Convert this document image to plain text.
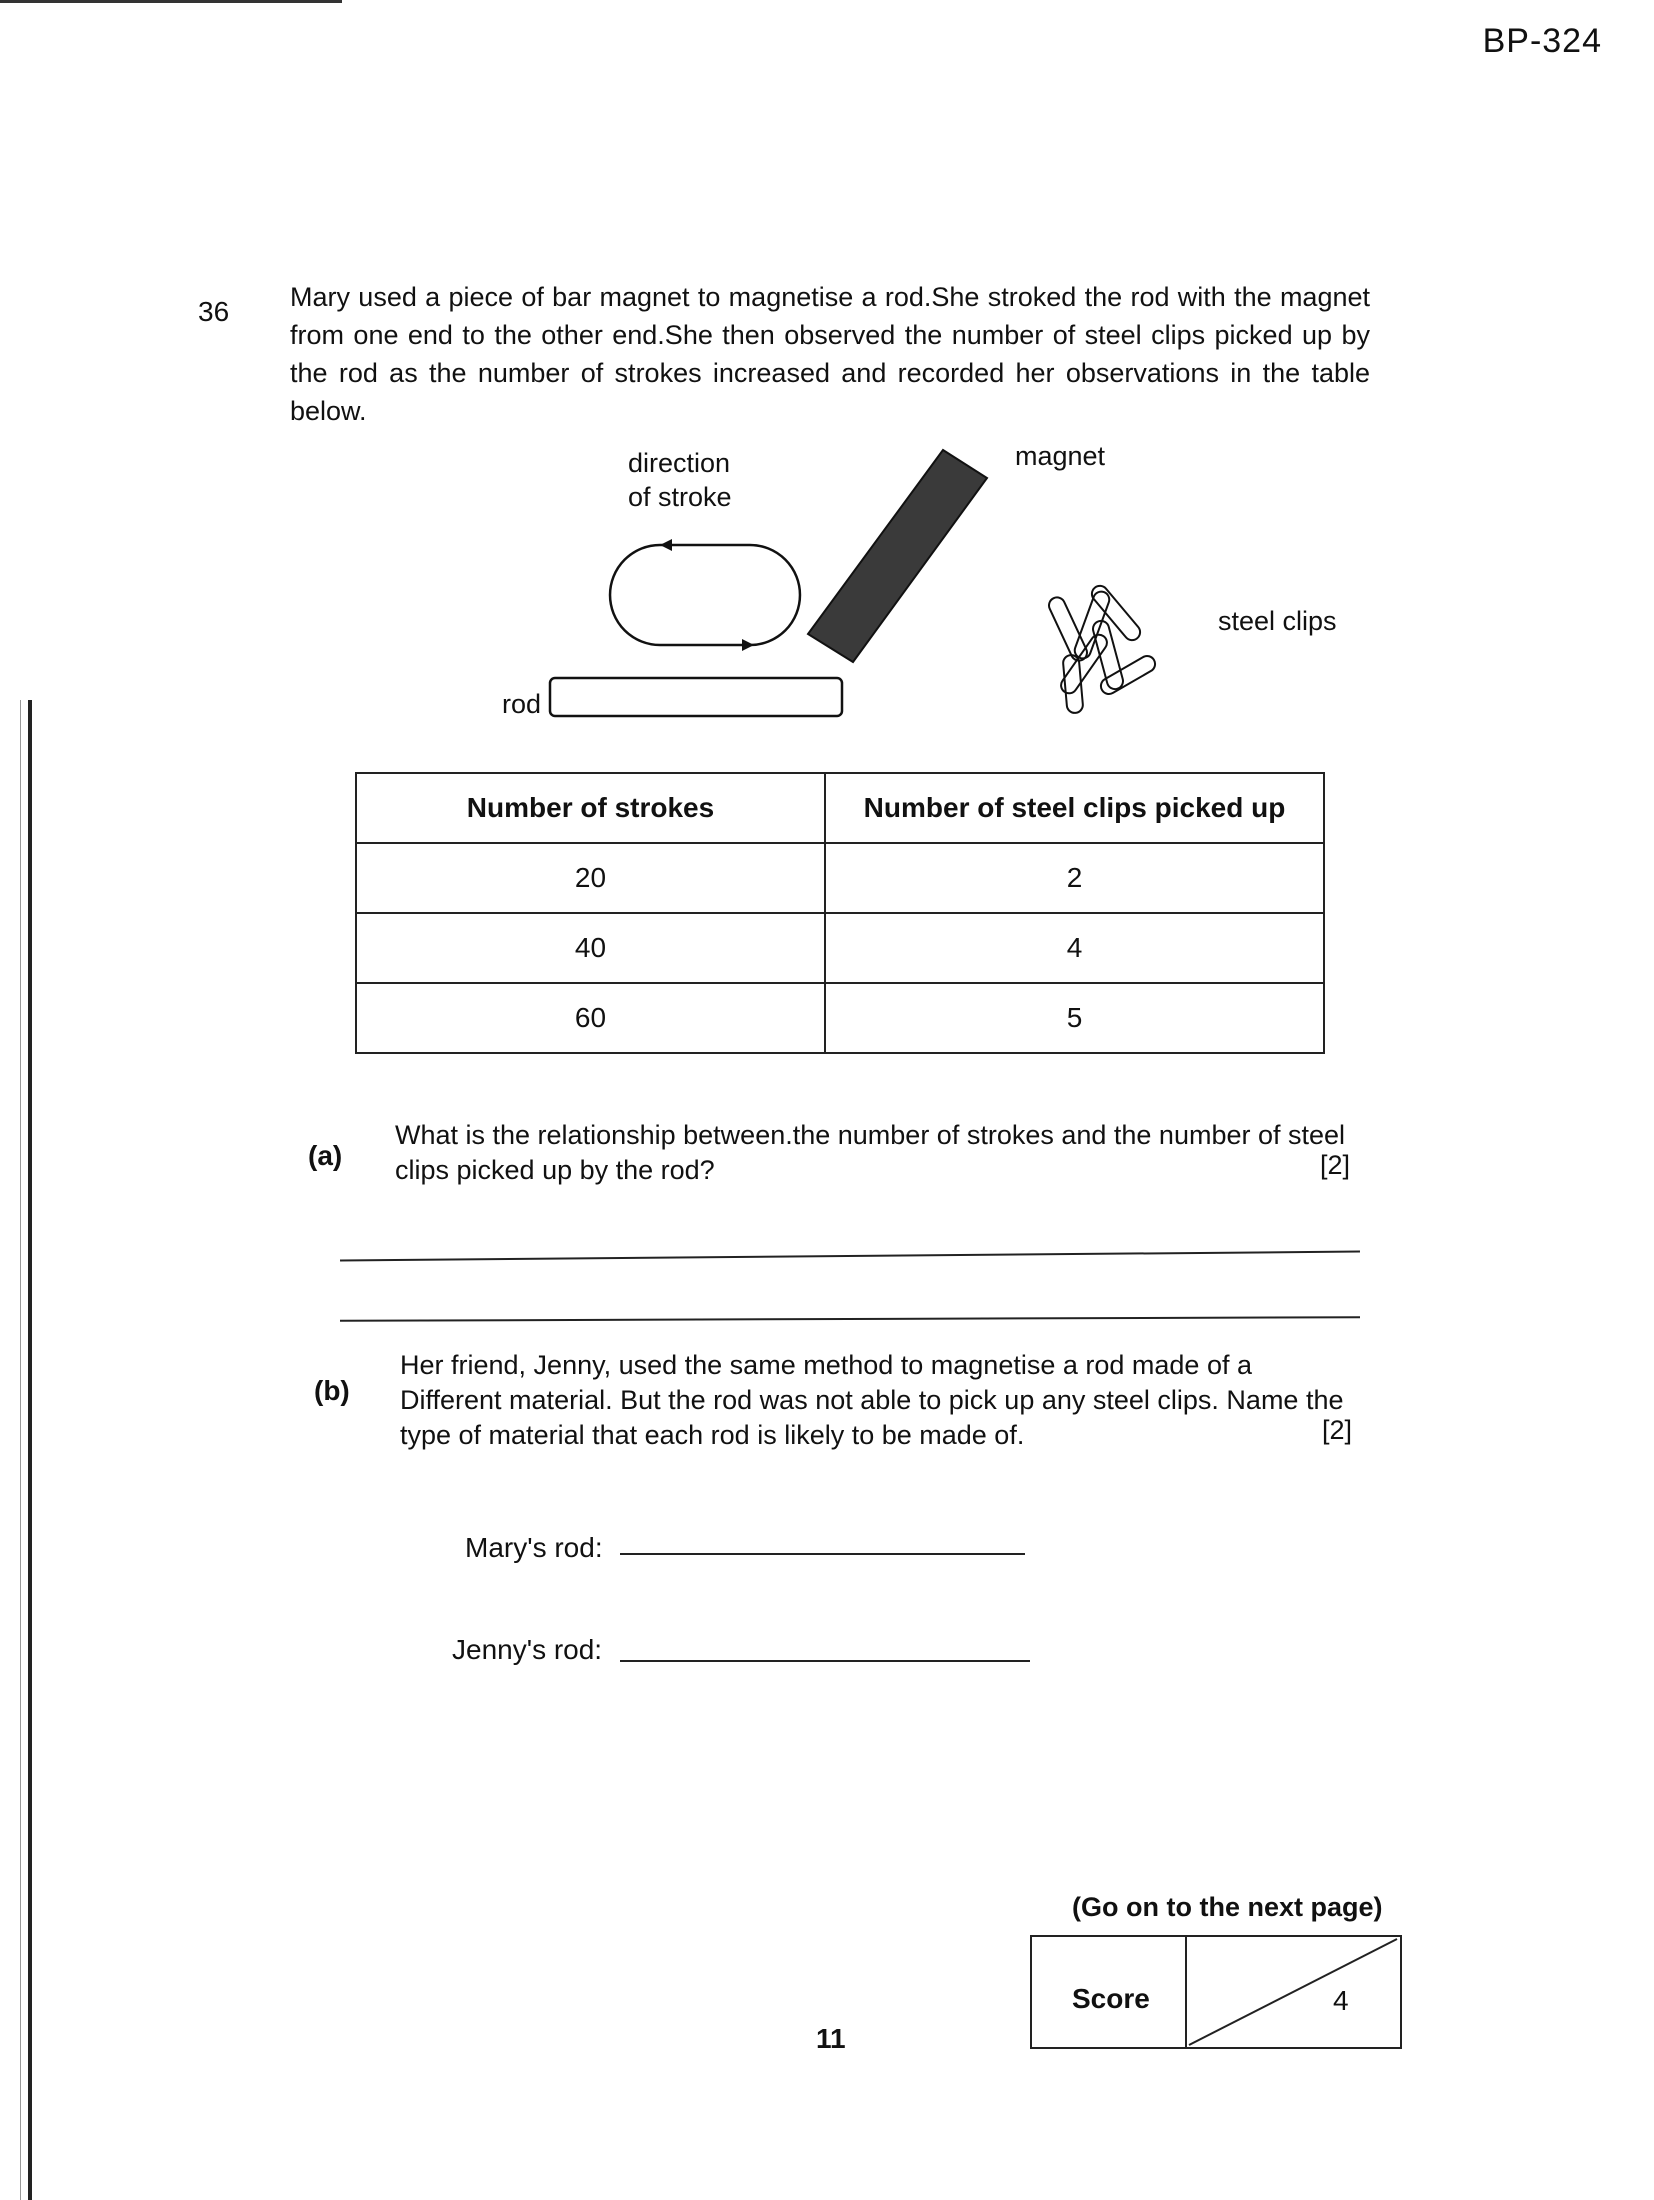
BP-324
36 Mary used a piece of bar magnet to magnetise a rod.She stroked the rod with the magnet from one end to the other end.She then observed the number of steel clips picked up by the rod as the number of strokes increased and recorded her observations in the table below.
direction
of stroke
magnet
rod
steel clips
Number of strokes	Number of steel clips picked up
20	2
40	4
60	5
(a)
What is the relationship between.the number of strokes and the number of steel clips picked up by the rod?	[2]
(b)
Her friend, Jenny, used the same method to magnetise a rod made of a Different material. But the rod was not able to pick up any steel clips. Name the type of material that each rod is likely to be made of.	[2]
Mary's rod:
Jenny's rod:
(Go on to the next page)
Score	4
11
